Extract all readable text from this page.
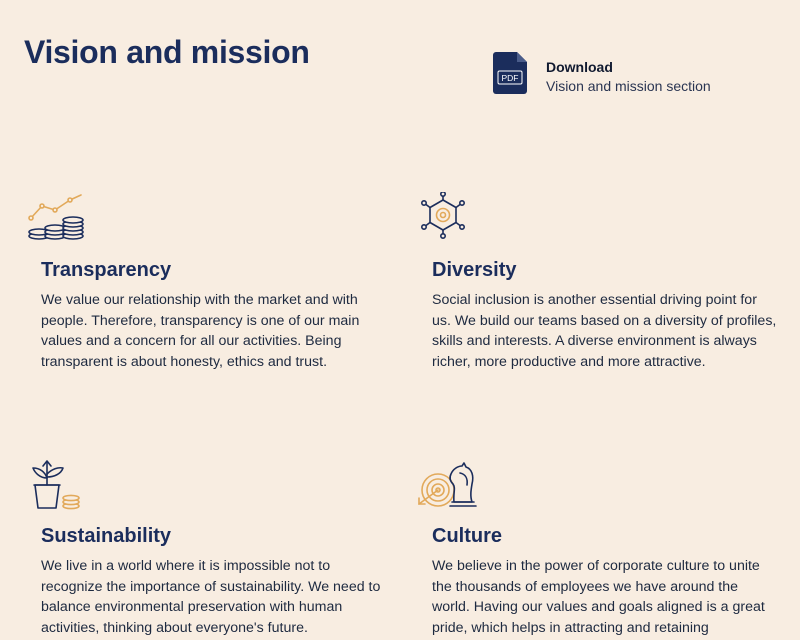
Vision and mission
PDF
Download
Vision and mission section
Transparency

We value our relationship with the market and with people. Therefore, transparency is one of our main values and a concern for all our activities. Being transparent is about honesty, ethics and trust.

Diversity

Social inclusion is another essential driving point for us. We build our teams based on a diversity of profiles, skills and interests. A diverse environment is always richer, more productive and more attractive.

Sustainability

We live in a world where it is impossible not to recognize the importance of sustainability. We need to balance environmental preservation with human activities, thinking about everyone's future.

Culture

We believe in the power of corporate culture to unite the thousands of employees we have around the world. Having our values and goals aligned is a great pride, which helps in attracting and retaining
